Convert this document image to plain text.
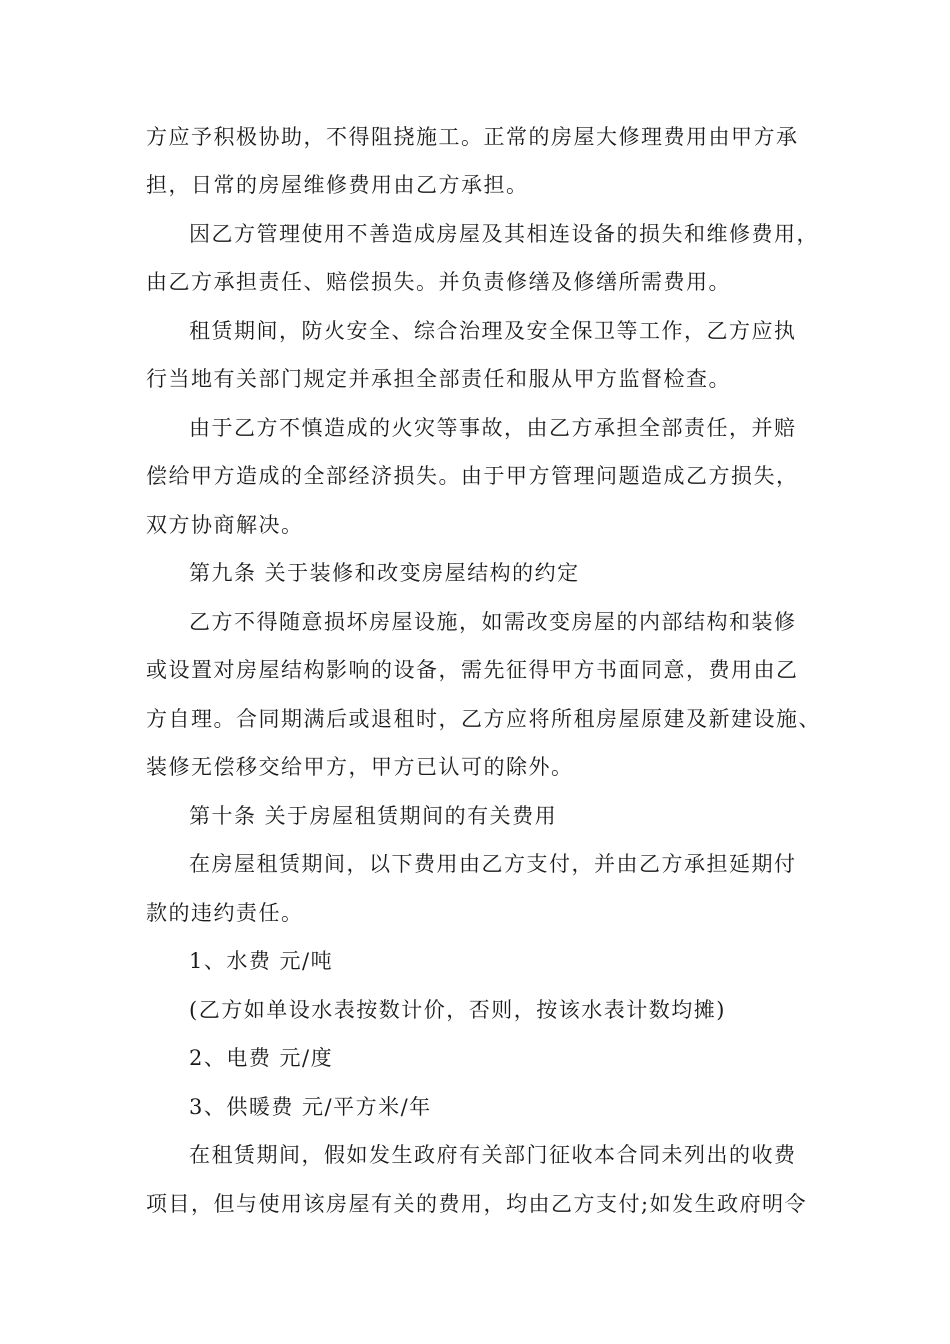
方应予积极协助，不得阻挠施工。正常的房屋大修理费用由甲方承
担，日常的房屋维修费用由乙方承担。
因乙方管理使用不善造成房屋及其相连设备的损失和维修费用，
由乙方承担责任、赔偿损失。并负责修缮及修缮所需费用。
租赁期间，防火安全、综合治理及安全保卫等工作，乙方应执
行当地有关部门规定并承担全部责任和服从甲方监督检查。
由于乙方不慎造成的火灾等事故，由乙方承担全部责任，并赔
偿给甲方造成的全部经济损失。由于甲方管理问题造成乙方损失，
双方协商解决。
第九条 关于装修和改变房屋结构的约定
乙方不得随意损坏房屋设施，如需改变房屋的内部结构和装修
或设置对房屋结构影响的设备，需先征得甲方书面同意，费用由乙
方自理。合同期满后或退租时，乙方应将所租房屋原建及新建设施、
装修无偿移交给甲方，甲方已认可的除外。
第十条 关于房屋租赁期间的有关费用
在房屋租赁期间，以下费用由乙方支付，并由乙方承担延期付
款的违约责任。
1、水费 元/吨
(乙方如单设水表按数计价，否则，按该水表计数均摊)
2、电费 元/度
3、供暖费 元/平方米/年
在租赁期间，假如发生政府有关部门征收本合同未列出的收费
项目，但与使用该房屋有关的费用，均由乙方支付;如发生政府明令
